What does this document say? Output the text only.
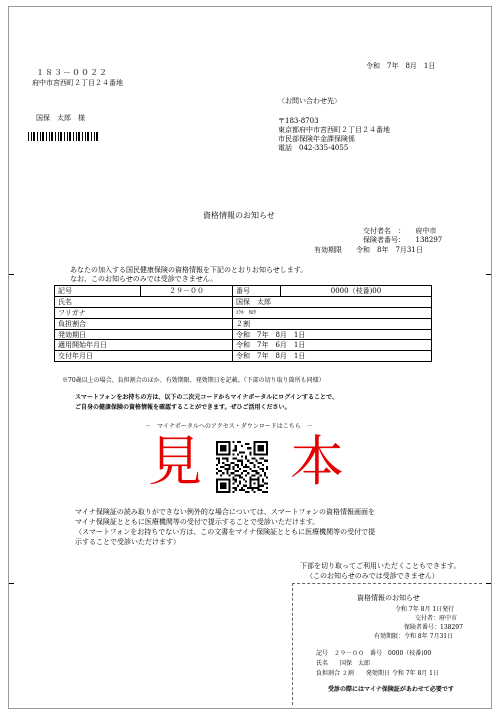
令和　7年　8月　1日
１８３－００２２
府中市宮西町２丁目２４番地
国保　太郎　様
〈お問い合わせ先〉
〒183-8703
東京都府中市宮西町２丁目２４番地
市民部保険年金課保険係
電話　042-335-4055
資格情報のお知らせ
交付者名　：　　府中市
保険者番号：　　138297
有効期限　　令和　8年　7月31日
あなたの加入する国民健康保険の資格情報を下記のとおりお知らせします。
なお、このお知らせのみでは受診できません。
記号	２９－００	番号	0000（枝番)00
氏名		国保　太郎	
フリガナ		ｺｸﾎ　ﾀﾛｳ	
負担割合		２割	
発効期日		令和　7年　8月　1日	
適用開始年月日		令和　7年　6月　1日	
交付年月日		令和　7年　8月　1日	
※70歳以上の場合、負担割合のほか、有効期限、発効期日を記載。（下部の切り取り箇所も同様）
スマートフォンをお持ちの方は、以下の二次元コードからマイナポータルにログインすることで、
ご自身の健康保険の資格情報を確認することができます。ぜひご活用ください。
－　マイナポータルへのアクセス・ダウンロードはこちら　－
見 本
マイナ保険証の読み取りができない例外的な場合については、スマートフォンの資格情報画面を
マイナ保険証とともに医療機関等の受付で提示することで受診いただけます。
（スマートフォンをお持ちでない方は、この文書をマイナ保険証とともに医療機関等の受付で提
示することで受診いただけます）
下部を切り取ってご利用いただくこともできます。
（このお知らせのみでは受診できません）
資格情報のお知らせ
令和 7年 8月 1日発行
交付者：府中市
保険者番号：138297
有効期限：令和 8年 7月31日
記号　２９－００　番号　0000（枝番)00
氏名　　国保　太郎
負担割合 ２割　　発効期日 令和 7年 8月 1日
受診の際にはマイナ保険証があわせて必要です
